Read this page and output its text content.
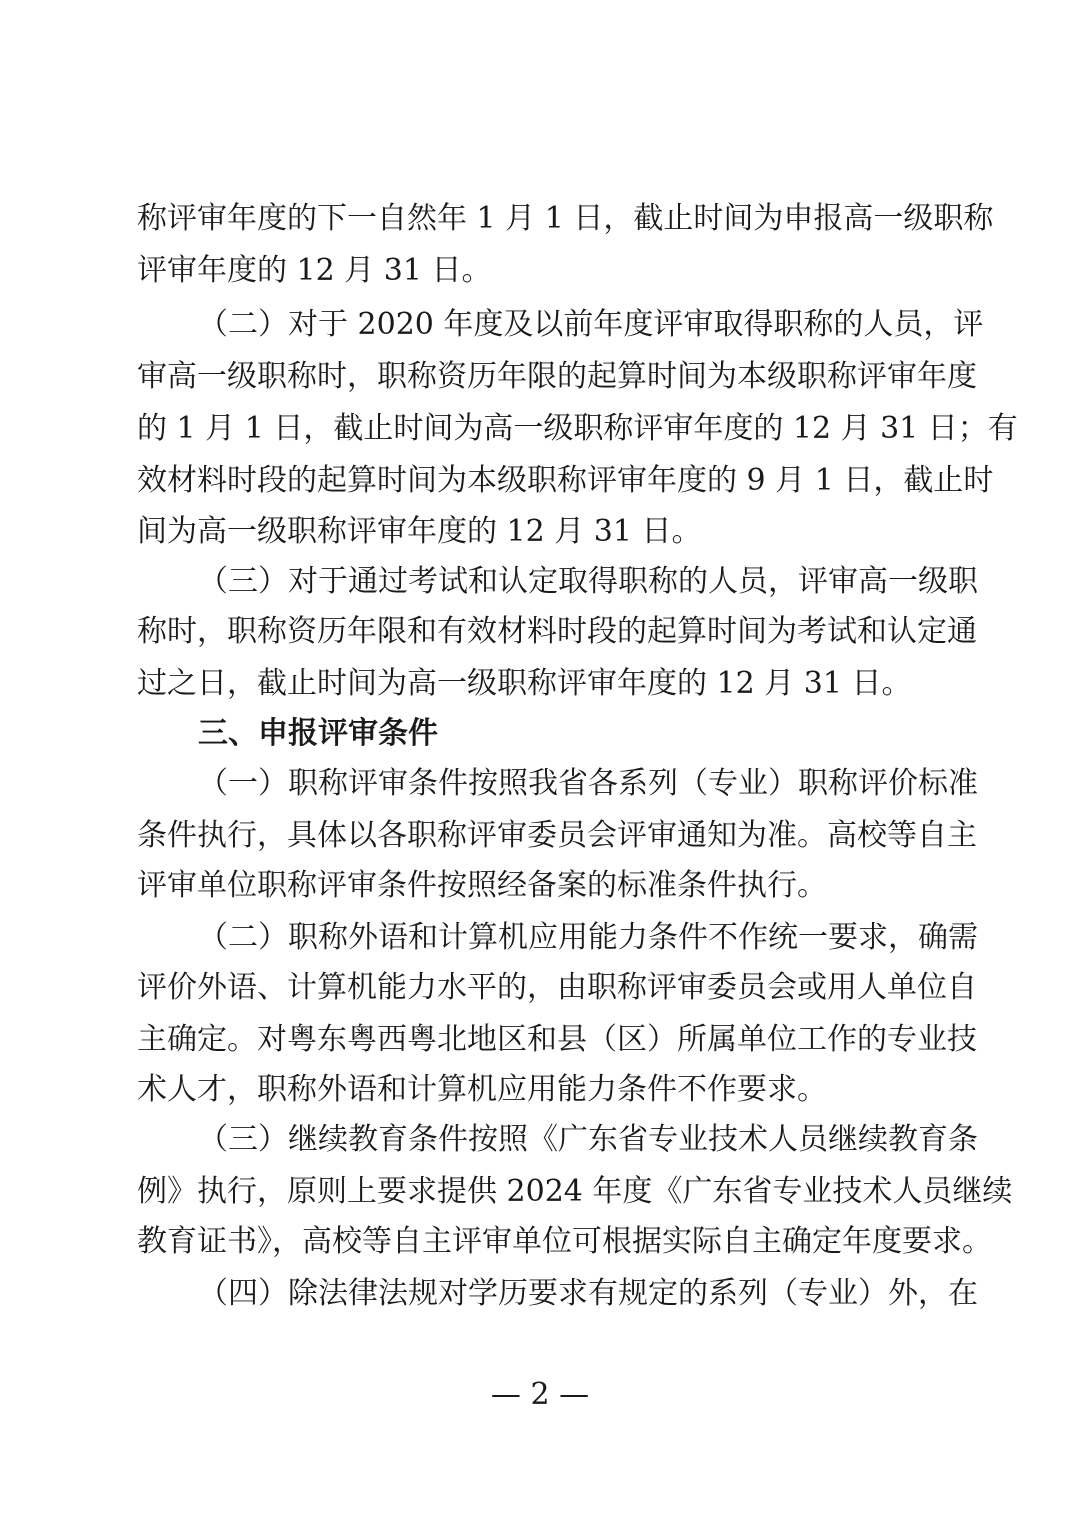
称评审年度的下一自然年 1 月 1 日，截止时间为申报高一级职称
评审年度的 12 月 31 日。
（二）对于 2020 年度及以前年度评审取得职称的人员，评
审高一级职称时，职称资历年限的起算时间为本级职称评审年度
的 1 月 1 日，截止时间为高一级职称评审年度的 12 月 31 日；有
效材料时段的起算时间为本级职称评审年度的 9 月 1 日，截止时
间为高一级职称评审年度的 12 月 31 日。
（三）对于通过考试和认定取得职称的人员，评审高一级职
称时，职称资历年限和有效材料时段的起算时间为考试和认定通
过之日，截止时间为高一级职称评审年度的 12 月 31 日。
三、申报评审条件
（一）职称评审条件按照我省各系列（专业）职称评价标准
条件执行，具体以各职称评审委员会评审通知为准。高校等自主
评审单位职称评审条件按照经备案的标准条件执行。
（二）职称外语和计算机应用能力条件不作统一要求，确需
评价外语、计算机能力水平的，由职称评审委员会或用人单位自
主确定。对粤东粤西粤北地区和县（区）所属单位工作的专业技
术人才，职称外语和计算机应用能力条件不作要求。
（三）继续教育条件按照《广东省专业技术人员继续教育条
例》执行，原则上要求提供 2024 年度《广东省专业技术人员继续
教育证书》，高校等自主评审单位可根据实际自主确定年度要求。
（四）除法律法规对学历要求有规定的系列（专业）外，在
— 2 —
